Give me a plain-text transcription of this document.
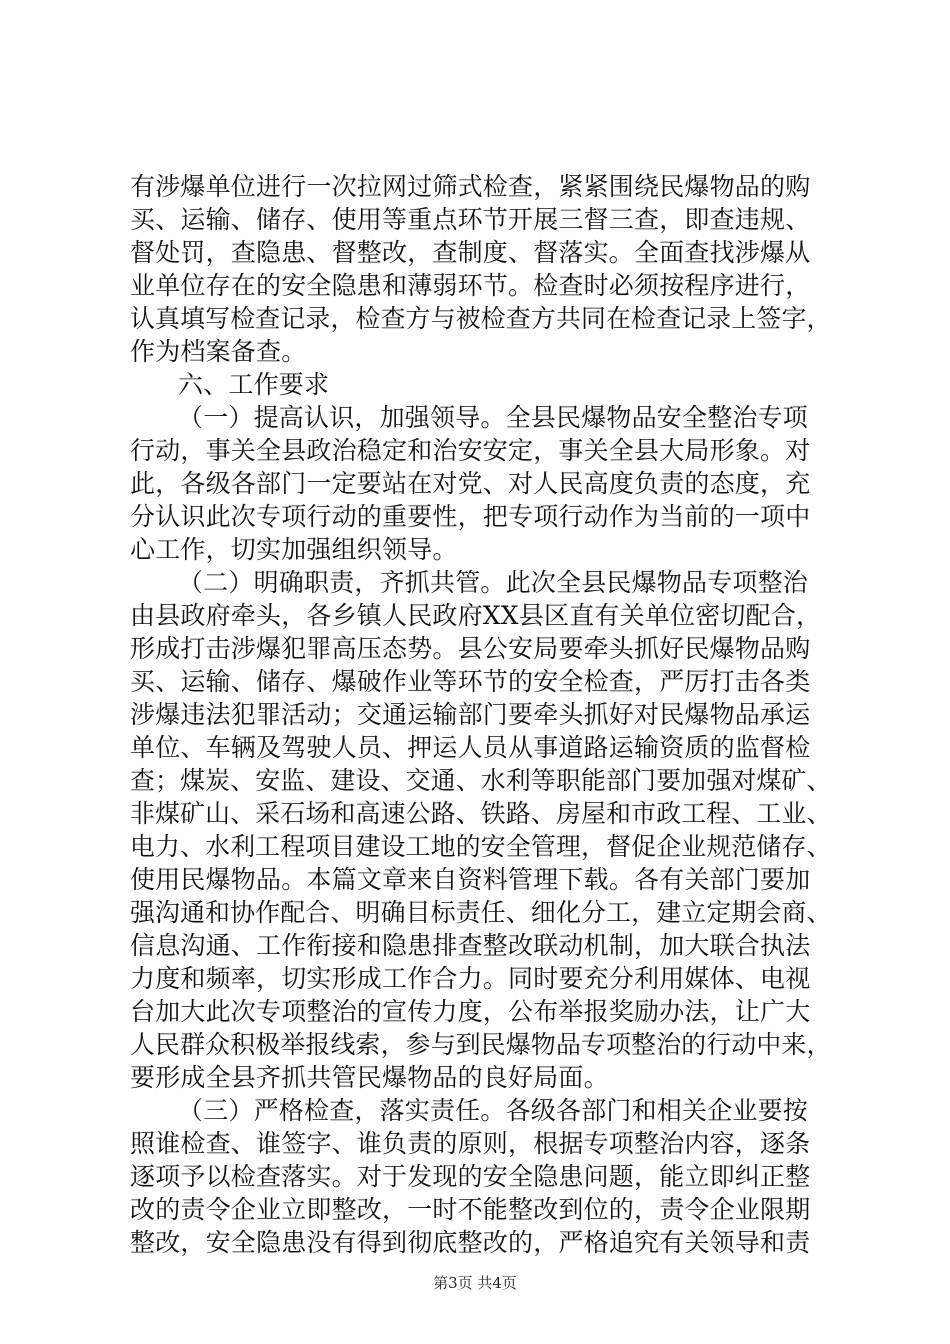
有涉爆单位进行一次拉网过筛式检查，紧紧围绕民爆物品的购
买、运输、储存、使用等重点环节开展三督三查，即查违规、
督处罚，查隐患、督整改，查制度、督落实。全面查找涉爆从
业单位存在的安全隐患和薄弱环节。检查时必须按程序进行，
认真填写检查记录，检查方与被检查方共同在检查记录上签字，
作为档案备查。
六、工作要求
（一）提高认识，加强领导。全县民爆物品安全整治专项
行动，事关全县政治稳定和治安安定，事关全县大局形象。对
此，各级各部门一定要站在对党、对人民高度负责的态度，充
分认识此次专项行动的重要性，把专项行动作为当前的一项中
心工作，切实加强组织领导。
（二）明确职责，齐抓共管。此次全县民爆物品专项整治
由县政府牵头，各乡镇人民政府XX县区直有关单位密切配合，
形成打击涉爆犯罪高压态势。县公安局要牵头抓好民爆物品购
买、运输、储存、爆破作业等环节的安全检查，严厉打击各类
涉爆违法犯罪活动；交通运输部门要牵头抓好对民爆物品承运
单位、车辆及驾驶人员、押运人员从事道路运输资质的监督检
查；煤炭、安监、建设、交通、水利等职能部门要加强对煤矿、
非煤矿山、采石场和高速公路、铁路、房屋和市政工程、工业、
电力、水利工程项目建设工地的安全管理，督促企业规范储存、
使用民爆物品。本篇文章来自资料管理下载。各有关部门要加
强沟通和协作配合、明确目标责任、细化分工，建立定期会商、
信息沟通、工作衔接和隐患排查整改联动机制，加大联合执法
力度和频率，切实形成工作合力。同时要充分利用媒体、电视
台加大此次专项整治的宣传力度，公布举报奖励办法，让广大
人民群众积极举报线索，参与到民爆物品专项整治的行动中来，
要形成全县齐抓共管民爆物品的良好局面。
（三）严格检查，落实责任。各级各部门和相关企业要按
照谁检查、谁签字、谁负责的原则，根据专项整治内容，逐条
逐项予以检查落实。对于发现的安全隐患问题，能立即纠正整
改的责令企业立即整改，一时不能整改到位的，责令企业限期
整改，安全隐患没有得到彻底整改的，严格追究有关领导和责
第3页 共4页
